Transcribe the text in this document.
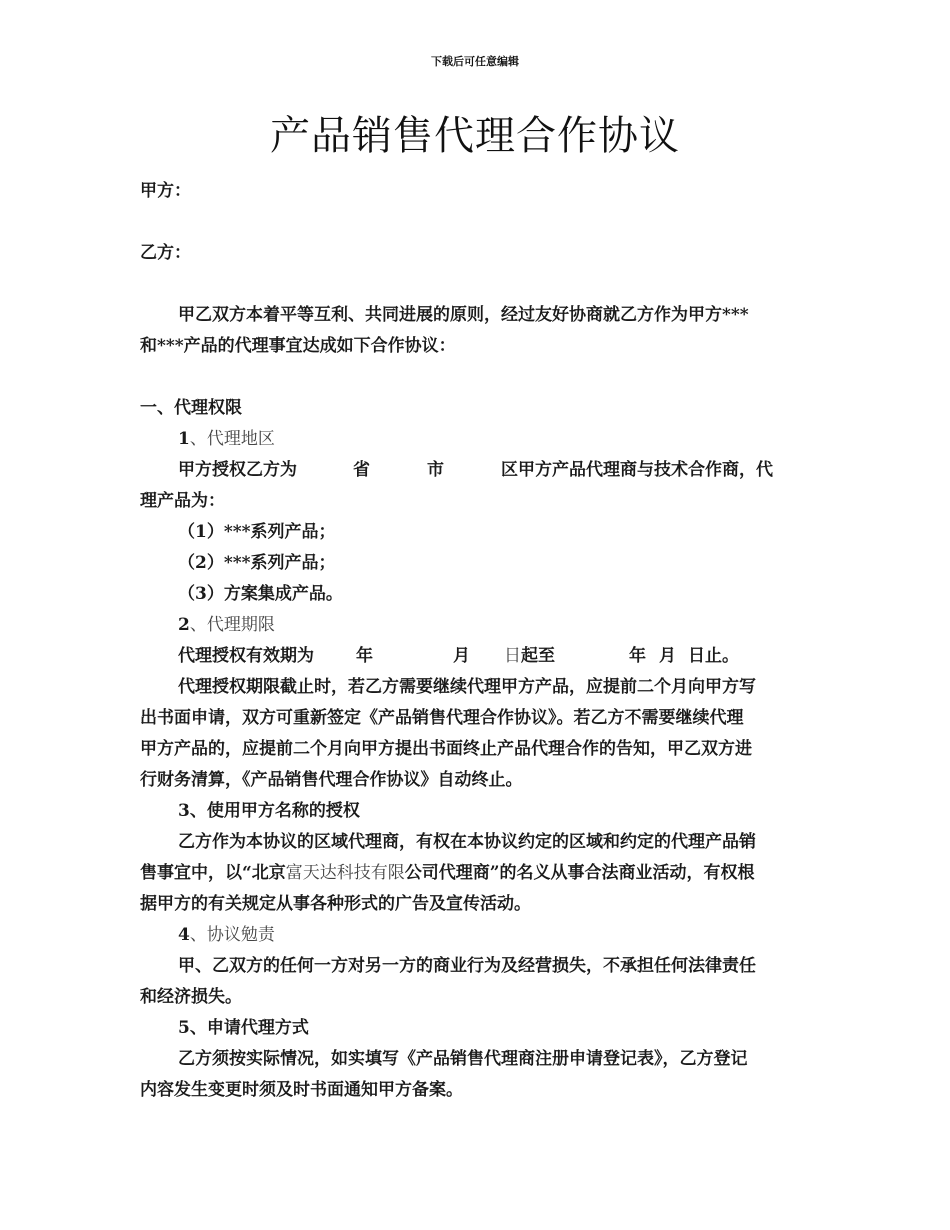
下载后可任意编辑
产品销售代理合作协议
甲方：
乙方：
甲乙双方本着平等互利、共同进展的原则，经过友好协商就乙方作为甲方***
和***产品的代理事宜达成如下合作协议：
一、代理权限
1、代理地区
甲方授权乙方为	省	市	区甲方产品代理商与技术合作商，代
理产品为：
（1）***系列产品；
（2）***系列产品；
（3）方案集成产品。
2、代理期限
代理授权有效期为 年	月 日起至	年 月 日止。
代理授权期限截止时，若乙方需要继续代理甲方产品，应提前二个月向甲方写
出书面申请，双方可重新签定《产品销售代理合作协议》。若乙方不需要继续代理
甲方产品的，应提前二个月向甲方提出书面终止产品代理合作的告知，甲乙双方进
行财务清算，《产品销售代理合作协议》自动终止。
3、使用甲方名称的授权
乙方作为本协议的区域代理商，有权在本协议约定的区域和约定的代理产品销
售事宜中，以“北京富天达科技有限公司代理商”的名义从事合法商业活动，有权根
据甲方的有关规定从事各种形式的广告及宣传活动。
4、协议勉责
甲、乙双方的任何一方对另一方的商业行为及经营损失，不承担任何法律责任
和经济损失。
5、申请代理方式
乙方须按实际情况，如实填写《产品销售代理商注册申请登记表》，乙方登记
内容发生变更时须及时书面通知甲方备案。
